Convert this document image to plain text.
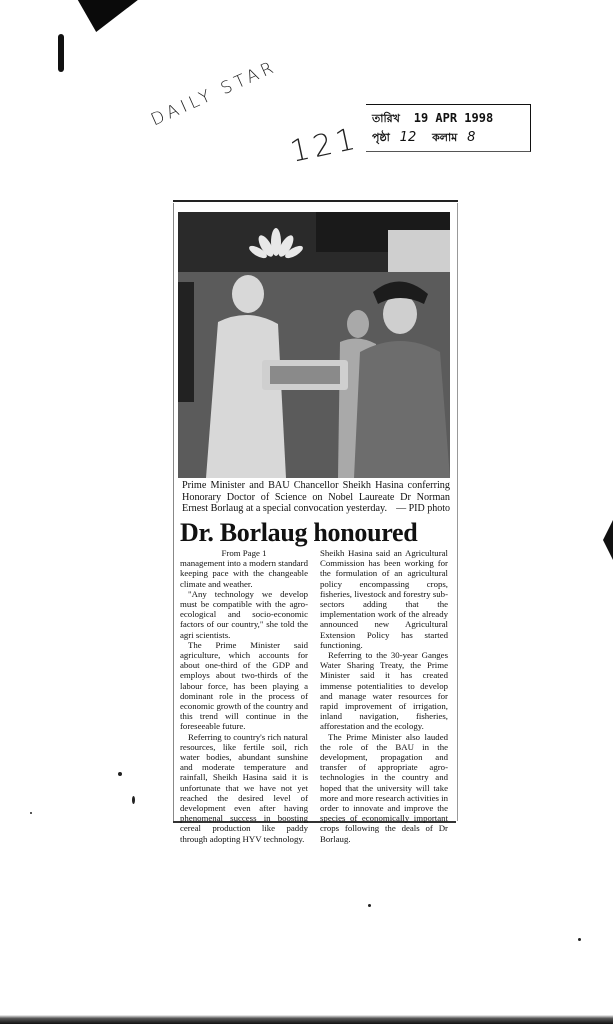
DAILY STAR
121
তারিখ 19 APR 1998
পৃষ্ঠা 12 কলাম 8
Prime Minister and BAU Chancellor Sheikh Hasina conferring Honorary Doctor of Science on Nobel Laureate Dr Norman Ernest Borlaug at a special convocation yesterday. — PID photo
Dr. Borlaug honoured

From Page 1

management into a modern standard keeping pace with the changeable climate and weather.

"Any technology we develop must be compatible with the agro-ecological and socio-economic factors of our country," she told the agri scientists.

The Prime Minister said agriculture, which accounts for about one-third of the GDP and employs about two-thirds of the labour force, has been playing a dominant role in the process of economic growth of the country and this trend will continue in the foreseeable future.

Referring to country's rich natural resources, like fertile soil, rich water bodies, abundant sunshine and moderate temperature and rainfall, Sheikh Hasina said it is unfortunate that we have not yet reached the desired level of development even after having phenomenal success in boosting cereal production like paddy through adopting HYV technology.

Sheikh Hasina said an Agricultural Commission has been working for the formulation of an agricultural policy encompassing crops, fisheries, livestock and forestry sub-sectors adding that the implementation work of the already announced new Agricultural Extension Policy has started functioning.

Referring to the 30-year Ganges Water Sharing Treaty, the Prime Minister said it has created immense potentialities to develop and manage water resources for rapid improvement of irrigation, inland navigation, fisheries, afforestation and the ecology.

The Prime Minister also lauded the role of the BAU in the development, propagation and transfer of appropriate agro-technologies in the country and hoped that the university will take more and more research activities in order to innovate and improve the species of economically important crops following the deals of Dr Borlaug.
